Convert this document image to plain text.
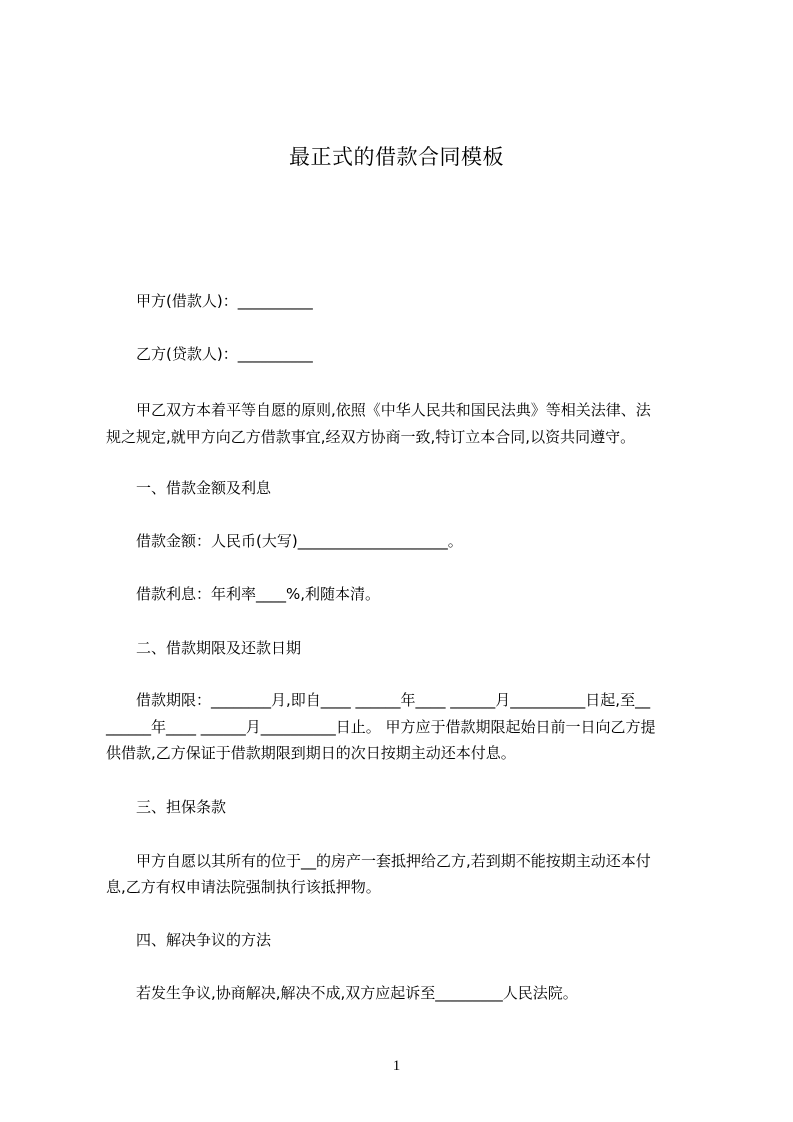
最正式的借款合同模板
甲方(借款人)：__________
乙方(贷款人)：__________
甲乙双方本着平等自愿的原则,依照《中华人民共和国民法典》等相关法律、法
规之规定,就甲方向乙方借款事宜,经双方协商一致,特订立本合同,以资共同遵守。
一、借款金额及利息
借款金额：人民币(大写)____________________。
借款利息：年利率____%,利随本清。
二、借款期限及还款日期
借款期限：________月,即自____ ______年____ ______月__________日起,至__
______年____ ______月__________日止。 甲方应于借款期限起始日前一日向乙方提
供借款,乙方保证于借款期限到期日的次日按期主动还本付息。
三、担保条款
甲方自愿以其所有的位于__的房产一套抵押给乙方,若到期不能按期主动还本付
息,乙方有权申请法院强制执行该抵押物。
四、解决争议的方法
若发生争议,协商解决,解决不成,双方应起诉至_________人民法院。
1
